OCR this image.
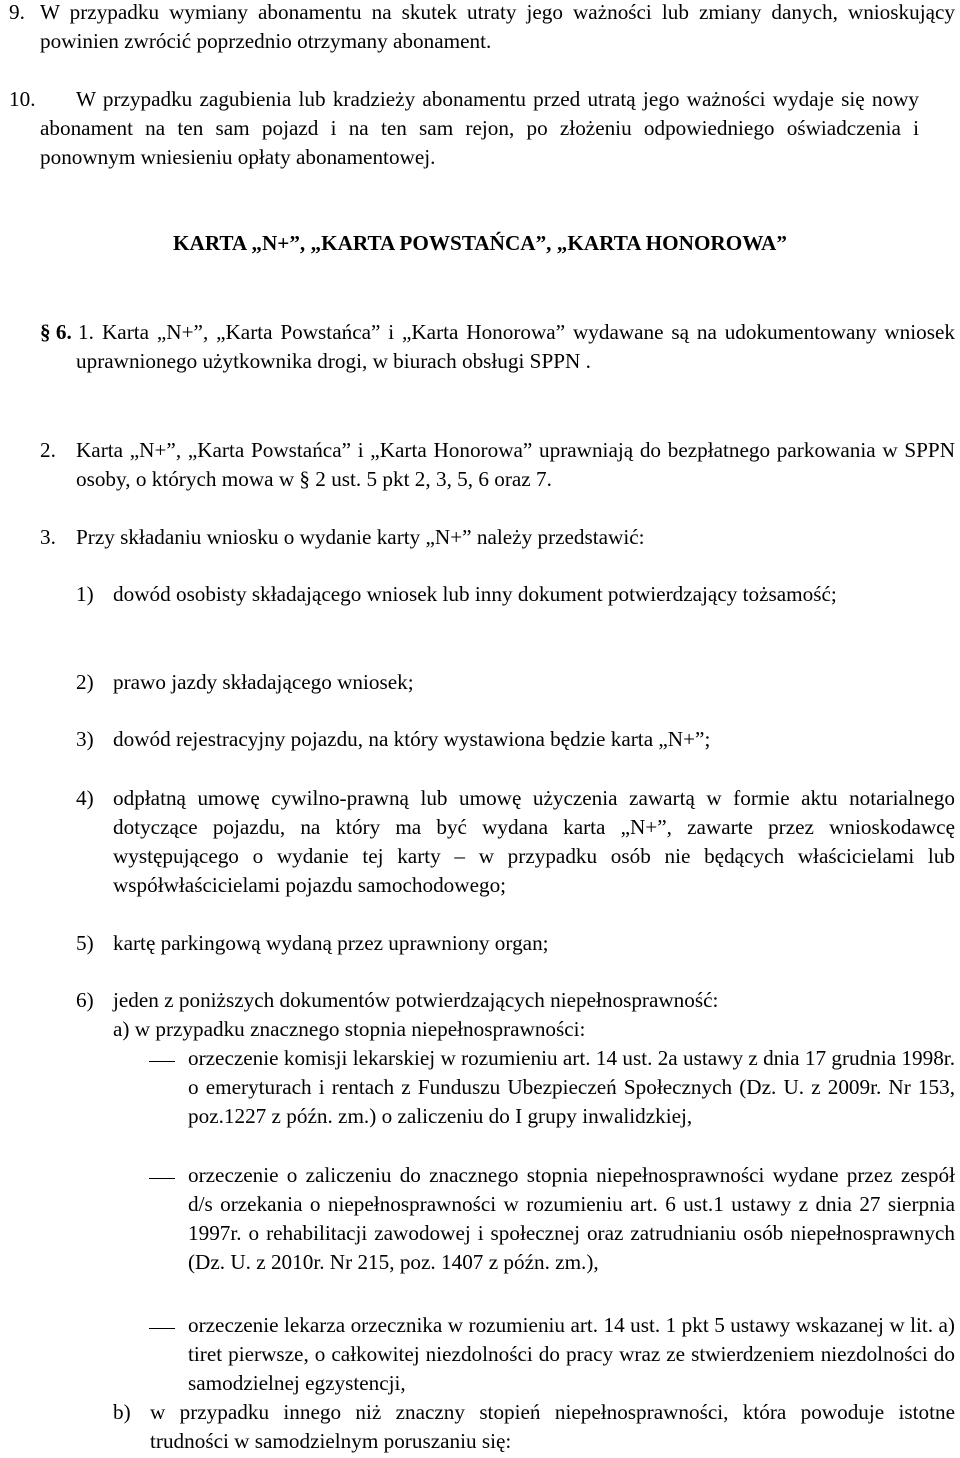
9. W przypadku wymiany abonamentu na skutek utraty jego ważności lub zmiany danych, wnioskujący powinien zwrócić poprzednio otrzymany abonament.

10.	W przypadku zagubienia lub kradzieży abonamentu przed utratą jego ważności wydaje się nowy abonament na ten sam pojazd i na ten sam rejon, po złożeniu odpowiedniego oświadczenia i ponownym wniesieniu opłaty abonamentowej.

KARTA „N+”, „KARTA POWSTAŃCA”, „KARTA HONOROWA”
§ 6. 1. Karta „N+”, „Karta Powstańca” i „Karta Honorowa” wydawane są na udokumentowany wniosek uprawnionego użytkownika drogi, w biurach obsługi SPPN .

2. Karta „N+”, „Karta Powstańca” i „Karta Honorowa” uprawniają do bezpłatnego parkowania w SPPN osoby, o których mowa w § 2 ust. 5 pkt 2, 3, 5, 6 oraz 7.

3. Przy składaniu wniosku o wydanie karty „N+” należy przedstawić:

1) dowód osobisty składającego wniosek lub inny dokument potwierdzający tożsamość;

2) prawo jazdy składającego wniosek;

3) dowód rejestracyjny pojazdu, na który wystawiona będzie karta „N+”;

4) odpłatną umowę cywilno-prawną lub umowę użyczenia zawartą w formie aktu notarialnego dotyczące pojazdu, na który ma być wydana karta „N+”, zawarte przez wnioskodawcę występującego o wydanie tej karty – w przypadku osób nie będących właścicielami lub współwłaścicielami pojazdu samochodowego;

5) kartę parkingową wydaną przez uprawniony organ;

6) jeden z poniższych dokumentów potwierdzających niepełnosprawność:

a) w przypadku znacznego stopnia niepełnosprawności:

orzeczenie komisji lekarskiej w rozumieniu art. 14 ust. 2a ustawy z dnia 17 grudnia 1998r. o emeryturach i rentach z Funduszu Ubezpieczeń Społecznych (Dz. U. z 2009r. Nr 153, poz.1227 z późn. zm.) o zaliczeniu do I grupy inwalidzkiej,

orzeczenie o zaliczeniu do znacznego stopnia niepełnosprawności wydane przez zespół d/s orzekania o niepełnosprawności w rozumieniu art. 6 ust.1 ustawy z dnia 27 sierpnia 1997r. o rehabilitacji zawodowej i społecznej oraz zatrudnianiu osób niepełnosprawnych (Dz. U. z 2010r. Nr 215, poz. 1407 z późn. zm.),

orzeczenie lekarza orzecznika w rozumieniu art. 14 ust. 1 pkt 5 ustawy wskazanej w lit. a) tiret pierwsze, o całkowitej niezdolności do pracy wraz ze stwierdzeniem niezdolności do samodzielnej egzystencji,

b) w przypadku innego niż znaczny stopień niepełnosprawności, która powoduje istotne trudności w samodzielnym poruszaniu się:
